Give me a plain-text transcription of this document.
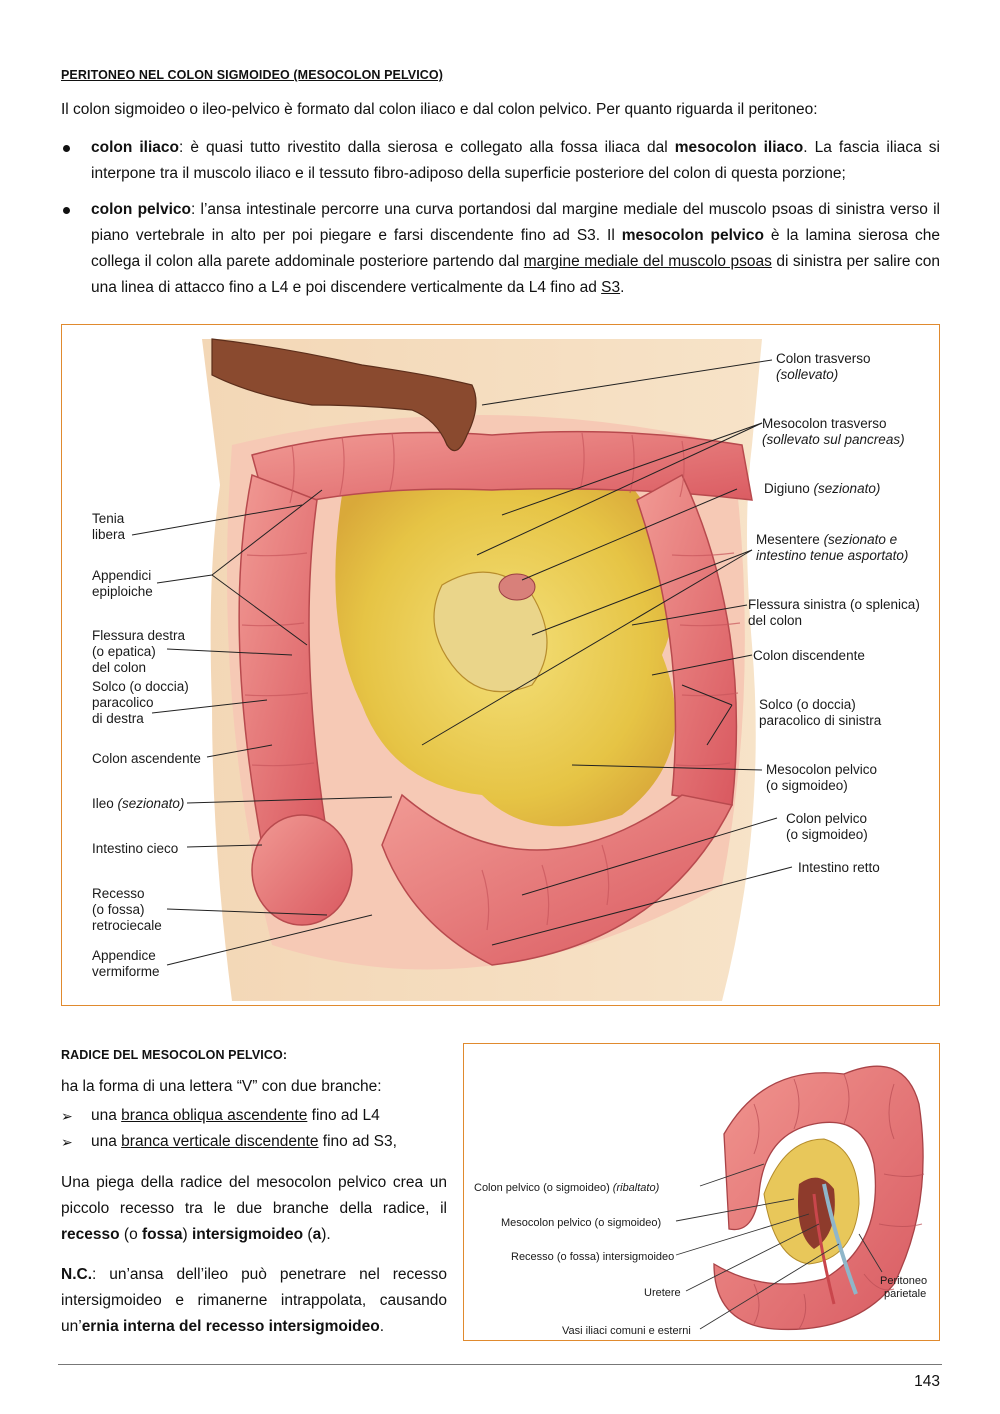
PERITONEO NEL COLON SIGMOIDEO (MESOCOLON PELVICO)
Il colon sigmoideo o ileo-pelvico è formato dal colon iliaco e dal colon pelvico. Per quanto riguarda il peritoneo:
colon iliaco: è quasi tutto rivestito dalla sierosa e collegato alla fossa iliaca dal mesocolon iliaco. La fascia iliaca si interpone tra il muscolo iliaco e il tessuto fibro-adiposo della superficie posteriore del colon di questa porzione;
colon pelvico: l’ansa intestinale percorre una curva portandosi dal margine mediale del muscolo psoas di sinistra verso il piano vertebrale in alto per poi piegare e farsi discendente fino ad S3. Il mesocolon pelvico è la lamina sierosa che collega il colon alla parete addominale posteriore partendo dal margine mediale del muscolo psoas di sinistra per salire con una linea di attacco fino a L4 e poi discendere verticalmente da L4 fino ad S3.
Tenia
libera
Appendici
epiploiche
Flessura destra
(o epatica)
del colon
Solco (o doccia)
paracolico
di destra
Colon ascendente
Ileo (sezionato)
Intestino cieco
Recesso
(o fossa)
retrociecale
Appendice
vermiforme
Colon trasverso
(sollevato)
Mesocolon trasverso
(sollevato sul pancreas)
Digiuno (sezionato)
Mesentere (sezionato e
intestino tenue asportato)
Flessura sinistra (o splenica)
del colon
Colon discendente
Solco (o doccia)
paracolico di sinistra
Mesocolon pelvico
(o sigmoideo)
Colon pelvico
(o sigmoideo)
Intestino retto
RADICE DEL MESOCOLON PELVICO:
ha la forma di una lettera “V” con due branche:
➢ una branca obliqua ascendente fino ad L4
➢ una branca verticale discendente fino ad S3,
Una piega della radice del mesocolon pelvico crea un piccolo recesso tra le due branche della radice, il recesso (o fossa) intersigmoideo (a).
N.C.: un’ansa dell’ileo può penetrare nel recesso intersigmoideo e rimanerne intrappolata, causando un’ernia interna del recesso intersigmoideo.
Colon pelvico (o sigmoideo) (ribaltato)
Mesocolon pelvico (o sigmoideo)
Recesso (o fossa) intersigmoideo
Uretere
Vasi iliaci comuni e esterni
Peritoneo
parietale
143
